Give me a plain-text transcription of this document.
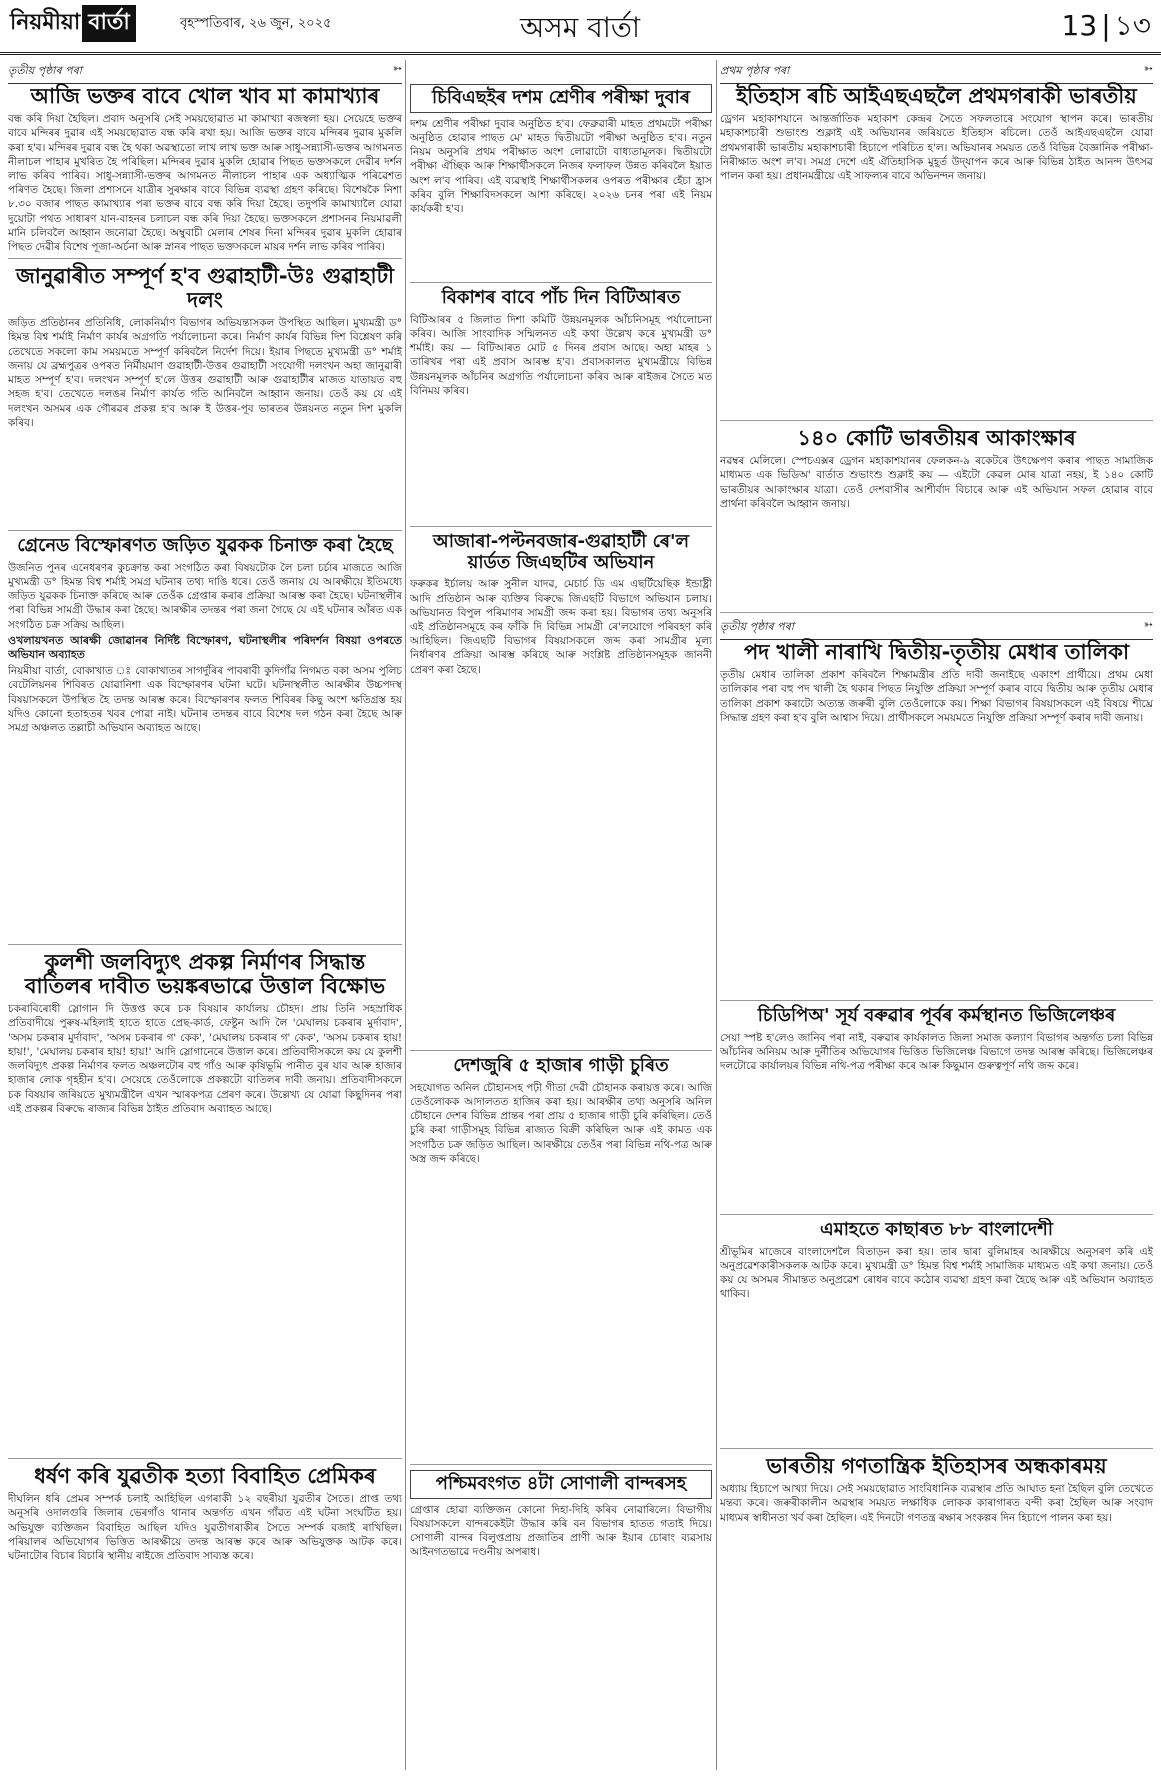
নিয়মীয়া বার্তা	বৃহস্পতিবাৰ, ২৬ জুন, ২০২৫	অসম বাৰ্তা	13 | ১৩
তৃতীয় পৃষ্ঠাৰ পৰা	➳
আজি ভক্তৰ বাবে খোল খাব মা কামাখ্যাৰ
বন্ধ কৰি দিয়া হৈছিল। প্ৰবাদ অনুসৰি সেই সময়ছোৱাত মা কামাখ্যা ৰজস্বলা হয়। সেয়েহে ভক্তৰ বাবে মন্দিৰৰ দুৱাৰ এই সময়ছোৱাত বন্ধ কৰি ৰখা হয়। আজি ভক্তৰ বাবে মন্দিৰৰ দুৱাৰ মুকলি কৰা হ'ব। মন্দিৰৰ দুৱাৰ বন্ধ হৈ থকা অৱস্থাতো লাখ লাখ ভক্ত আৰু সাধু-সন্ন্যাসী-ভক্তৰ আগমনত নীলাচল পাহাৰ মুখৰিত হৈ পৰিছিল। মন্দিৰৰ দুৱাৰ মুকলি হোৱাৰ পিছত ভক্তসকলে দেৱীৰ দৰ্শন লাভ কৰিব পাৰিব। সাধু-সন্ন্যাসী-ভক্তৰ আগমনত নীলাচল পাহাৰ এক অধ্যাত্মিক পৰিৱেশত পৰিণত হৈছে। জিলা প্ৰশাসনে যাত্ৰীৰ সুৰক্ষাৰ বাবে বিভিন্ন ব্যৱস্থা গ্ৰহণ কৰিছে। বিশেষকৈ নিশা ৮.৩০ বজাৰ পাছত কামাখ্যাৰ পৰা ভক্তৰ বাবে বন্ধ কৰি দিয়া হৈছে। তদুপৰি কামাখ্যালৈ যোৱা দুয়োটা পথত সাধাৰণ যান-বাহনৰ চলাচল বন্ধ কৰি দিয়া হৈছে। ভক্তসকলে প্ৰশাসনৰ নিয়মাৱলী মানি চলিবলৈ আহ্বান জনোৱা হৈছে। অম্বুবাচী মেলাৰ শেষৰ দিনা মন্দিৰৰ দুৱাৰ মুকলি হোৱাৰ পিছত দেৱীৰ বিশেষ পূজা-অৰ্চনা আৰু স্নানৰ পাছত ভক্তসকলে মায়ৰ দৰ্শন লাভ কৰিব পাৰিব।
জানুৱাৰীত সম্পূৰ্ণ হ'ব গুৱাহাটী-উঃ গুৱাহাটী দলং
জড়িত প্ৰতিষ্ঠানৰ প্ৰতিনিধি, লোকনিৰ্মাণ বিভাগৰ অভিযন্তাসকল উপস্থিত আছিল। মুখ্যমন্ত্ৰী ড° হিমন্ত বিশ্ব শৰ্মাই নিৰ্মাণ কাৰ্যৰ অগ্ৰগতি পৰ্যালোচনা কৰে। নিৰ্মাণ কাৰ্যৰ বিভিন্ন দিশ বিশ্লেষণ কৰি তেখেতে সকলো কাম সময়মতে সম্পূৰ্ণ কৰিবলৈ নিৰ্দেশ দিয়ে। ইয়াৰ পিছতে মুখ্যমন্ত্ৰী ড° শৰ্মাই জনায় যে ব্ৰহ্মপুত্ৰৰ ওপৰত নিৰ্মীয়মাণ গুৱাহাটী-উত্তৰ গুৱাহাটী সংযোগী দলংখন অহা জানুৱাৰী মাহত সম্পূৰ্ণ হ'ব। দলংখন সম্পূৰ্ণ হ'লে উত্তৰ গুৱাহাটী আৰু গুৱাহাটীৰ মাজত যাতায়ত বহু সহজ হ'ব। তেখেতে দলঙৰ নিৰ্মাণ কাৰ্যত গতি আনিবলৈ আহ্বান জনায়। তেওঁ কয় যে এই দলংখন অসমৰ এক গৌৰৱৰ প্ৰকল্প হ'ব আৰু ই উত্তৰ-পূব ভাৰতৰ উন্নয়নত নতুন দিশ মুকলি কৰিব।
গ্ৰেনেড বিস্ফোৰণত জড়িত যুৱকক চিনাক্ত কৰা হৈছে

উজনিত পুনৰ এনেধৰণৰ কুচক্ৰান্ত কৰা সংগঠিত কৰা বিষয়টোক লৈ চলা চৰ্চাৰ মাজতে আজি মুখ্যমন্ত্ৰী ড° হিমন্ত বিশ্ব শৰ্মাই সমগ্ৰ ঘটনাৰ তথ্য দাঙি ধৰে। তেওঁ জনায় যে আৰক্ষীয়ে ইতিমধ্যে জড়িত যুৱকক চিনাক্ত কৰিছে আৰু তেওঁক গ্ৰেপ্তাৰ কৰাৰ প্ৰক্ৰিয়া আৰম্ভ কৰা হৈছে। ঘটনাস্থলীৰ পৰা বিভিন্ন সামগ্ৰী উদ্ধাৰ কৰা হৈছে। আৰক্ষীৰ তদন্তৰ পৰা জনা গৈছে যে এই ঘটনাৰ আঁৰত এক সংগঠিত চক্ৰ সক্ৰিয় আছিল।

ওখলায়খনত আৰক্ষী জোৱানৰ নিৰ্দিষ্ট বিস্ফোৰণ, ঘটনাস্থলীৰ পৰিদৰ্শন বিষয়া ওপৰতে অভিযান অব্যাহত

নিয়মীয়া বাৰ্তা, বোকাখাত ঃ বোকাখাতৰ সাগৰ্দুৰিৰ পাবৰাবী কুদিগাঁৱ নিগমত বকা অসম পুলিচ বেটেলিয়নৰ শিবিৰত যোৱানিশা এক বিস্ফোৰণৰ ঘটনা ঘটে। ঘটনাস্থলীত আৰক্ষীৰ উচ্চপদস্থ বিষয়াসকলে উপস্থিত হৈ তদন্ত আৰম্ভ কৰে। বিস্ফোৰণৰ ফলত শিবিৰৰ কিছু অংশ ক্ষতিগ্ৰস্ত হয় যদিও কোনো হতাহতৰ খবৰ পোৱা নাই। ঘটনাৰ তদন্তৰ বাবে বিশেষ দল গঠন কৰা হৈছে আৰু সমগ্ৰ অঞ্চলত তল্লাচী অভিযান অব্যাহত আছে।

কুলশী জলবিদ্যুৎ প্ৰকল্প নিৰ্মাণৰ সিদ্ধান্ত বাতিলৰ দাবীত ভয়ঙ্কৰভাৱে উত্তাল বিক্ষোভ
চকৰাবিৰোধী স্লোগান দি উত্তপ্ত কৰে চক বিষয়াৰ কাৰ্যালয় চৌহদ। প্ৰায় তিনি সহস্ৰাধিক প্ৰতিবাদীয়ে পুৰুষ-মহিলাই হাতে হাতে প্ৰেছ-কাৰ্ড, ফেষ্টুন আদি লৈ 'মেঘালয় চকৰাৰ মুৰ্দাবাদ', 'অসম চকৰাৰ মুৰ্দাবাদ', 'অসম চকৰাৰ গ' কেক', 'মেঘালয় চকৰাৰ গ' কেক', 'অসম চকৰাৰ হায়! হায়!', 'মেঘালয় চকৰাৰ হায়! হায়!' আদি স্লোগানেৰে উত্তাল কৰে। প্ৰতিবাদীসকলে কয় যে কুলশী জলবিদ্যুৎ প্ৰকল্প নিৰ্মাণৰ ফলত অঞ্চলটোৰ বহু গাঁও আৰু কৃষিভূমি পানীত বুৰ যাব আৰু হাজাৰ হাজাৰ লোক গৃহহীন হ'ব। সেয়েহে তেওঁলোকে প্ৰকল্পটো বাতিলৰ দাবী জনায়। প্ৰতিবাদীসকলে চক বিষয়াৰ জৰিয়তে মুখ্যমন্ত্ৰীলৈ এখন স্মাৰকপত্ৰ প্ৰেৰণ কৰে। উল্লেখ্য যে যোৱা কিছুদিনৰ পৰা এই প্ৰকল্পৰ বিৰুদ্ধে ৰাজ্যৰ বিভিন্ন ঠাইত প্ৰতিবাদ অব্যাহত আছে।
ধৰ্ষণ কৰি যুৱতীক হত্যা বিবাহিত প্ৰেমিকৰ
দীঘলিন ধৰি প্ৰেমৰ সম্পৰ্ক চলাই আহিছিল এগৰাকী ১২ বছৰীয়া যুৱতীৰ সৈতে। প্ৰাপ্ত তথ্য অনুসৰি ওদালগুৰি জিলাৰ ভেৰগাঁও থানাৰ অন্তৰ্গত এখন গাঁৱত এই ঘটনা সংঘটিত হয়। অভিযুক্ত ব্যক্তিজন বিবাহিত আছিল যদিও যুৱতীগৰাকীৰ সৈতে সম্পৰ্ক বজাই ৰাখিছিল। পৰিয়ালৰ অভিযোগৰ ভিত্তিত আৰক্ষীয়ে তদন্ত আৰম্ভ কৰে আৰু অভিযুক্তক আটক কৰে। ঘটনাটোৰ বিচাৰ বিচাৰি স্থানীয় ৰাইজে প্ৰতিবাদ সাব্যস্ত কৰে।
চিবিএছইৰ দশম শ্ৰেণীৰ পৰীক্ষা দুবাৰ
দশম শ্ৰেণীৰ পৰীক্ষা দুবাৰ অনুষ্ঠিত হ'ব। ফেব্ৰুৱাৰী মাহত প্ৰথমটো পৰীক্ষা অনুষ্ঠিত হোৱাৰ পাছত মে' মাহত দ্বিতীয়টো পৰীক্ষা অনুষ্ঠিত হ'ব। নতুন নিয়ম অনুসৰি প্ৰথম পৰীক্ষাত অংশ লোৱাটো বাধ্যতামূলক। দ্বিতীয়টো পৰীক্ষা ঐচ্ছিক আৰু শিক্ষাৰ্থীসকলে নিজৰ ফলাফল উন্নত কৰিবলৈ ইয়াত অংশ ল'ব পাৰিব। এই ব্যৱস্থাই শিক্ষাৰ্থীসকলৰ ওপৰত পৰীক্ষাৰ হেঁচা হ্ৰাস কৰিব বুলি শিক্ষাবিদসকলে আশা কৰিছে। ২০২৬ চনৰ পৰা এই নিয়ম কাৰ্যকৰী হ'ব।
বিকাশৰ বাবে পাঁচ দিন বিটিআৰত
বিটিআৰৰ ৫ জিলাত দিশা কমিটি উন্নয়নমূলক আঁচনিসমূহ পৰ্যালোচনা কৰিব। আজি সাংবাদিক সন্মিলনত এই কথা উল্লেখ কৰে মুখ্যমন্ত্ৰী ড° শৰ্মাই। কয় — বিটিআৰত মোট ৫ দিনৰ প্ৰবাস আছে। অহা মাহৰ ১ তাৰিখৰ পৰা এই প্ৰবাস আৰম্ভ হ'ব। প্ৰবাসকালত মুখ্যমন্ত্ৰীয়ে বিভিন্ন উন্নয়নমূলক আঁচনিৰ অগ্ৰগতি পৰ্যালোচনা কৰিব আৰু ৰাইজৰ সৈতে মত বিনিময় কৰিব।
আজাৰা-পল্টনবজাৰ-গুৱাহাটী ৰে'ল য়াৰ্ডত জিএছটিৰ অভিযান
ফৰুকৰ ইৰ্চালয় আৰু সুনীল যাদৱ, মেচাৰ্চ ডি এম এছৰ্টিয়েছিক ইন্ডাষ্ট্ৰী আদি প্ৰতিষ্ঠান আৰু ব্যক্তিৰ বিৰুদ্ধে জিএছটি বিভাগে অভিযান চলায়। অভিযানত বিপুল পৰিমাণৰ সামগ্ৰী জব্দ কৰা হয়। বিভাগৰ তথ্য অনুসৰি এই প্ৰতিষ্ঠানসমূহে কৰ ফাঁকি দি বিভিন্ন সামগ্ৰী ৰে'লযোগে পৰিবহণ কৰি আহিছিল। জিএছটি বিভাগৰ বিষয়াসকলে জব্দ কৰা সামগ্ৰীৰ মূল্য নিৰ্ধাৰণৰ প্ৰক্ৰিয়া আৰম্ভ কৰিছে আৰু সংশ্লিষ্ট প্ৰতিষ্ঠানসমূহক জাননী প্ৰেৰণ কৰা হৈছে।
দেশজুৰি ৫ হাজাৰ গাড়ী চুৰিত
সহযোগত অনিল চৌহানসহ পঢ়ী গীতা দেৱী চৌহানক কৰায়ত্ত কৰে। আজি তেওঁলোকক আদালতত হাজিৰ কৰা হয়। আৰক্ষীৰ তথ্য অনুসৰি অনিল চৌহানে দেশৰ বিভিন্ন প্ৰান্তৰ পৰা প্ৰায় ৫ হাজাৰ গাড়ী চুৰি কৰিছিল। তেওঁ চুৰি কৰা গাড়ীসমূহ বিভিন্ন ৰাজ্যত বিক্ৰী কৰিছিল আৰু এই কামত এক সংগঠিত চক্ৰ জড়িত আছিল। আৰক্ষীয়ে তেওঁৰ পৰা বিভিন্ন নথি-পত্ৰ আৰু অস্ত্ৰ জব্দ কৰিছে।
পশ্চিমবংগত ৪টা সোণালী বান্দৰসহ
গ্ৰেপ্তাৰ হোৱা ব্যক্তিজন কোনো দিহা-দিহি কৰিব নোৱাৰিলে। বিভাগীয় বিষয়াসকলে বান্দৰকেইটা উদ্ধাৰ কৰি বন বিভাগৰ হাতত গতাই দিয়ে। সোণালী বান্দৰ বিলুপ্তপ্ৰায় প্ৰজাতিৰ প্ৰাণী আৰু ইয়াৰ চোৰাং ব্যৱসায় আইনগতভাৱে দণ্ডনীয় অপৰাধ।
প্ৰথম পৃষ্ঠাৰ পৰা	➳
ইতিহাস ৰচি আইএছএছলৈ প্ৰথমগৰাকী ভাৰতীয়
ড্ৰেগন মহাকাশযানে আন্তৰ্জাতিক মহাকাশ কেন্দ্ৰৰ সৈতে সফলতাৰে সংযোগ স্থাপন কৰে। ভাৰতীয় মহাকাশচাৰী শুভাংশু শুক্লাই এই অভিযানৰ জৰিয়তে ইতিহাস ৰচিলে। তেওঁ আইএছএছলৈ যোৱা প্ৰথমগৰাকী ভাৰতীয় মহাকাশচাৰী হিচাপে পৰিচিত হ'ল। অভিযানৰ সময়ত তেওঁ বিভিন্ন বৈজ্ঞানিক পৰীক্ষা-নিৰীক্ষাত অংশ ল'ব। সমগ্ৰ দেশে এই ঐতিহাসিক মুহূৰ্ত উদ্‌যাপন কৰে আৰু বিভিন্ন ঠাইত আনন্দ উৎসৱ পালন কৰা হয়। প্ৰধানমন্ত্ৰীয়ে এই সাফল্যৰ বাবে অভিনন্দন জনায়।
১৪০ কোটি ভাৰতীয়ৰ আকাংক্ষাৰ
নৱম্বৰ মেলিলে। স্পেচএক্সৰ ড্ৰেগন মহাকাশযানৰ ফেলকন-৯ ৰকেটৰে উৎক্ষেপণ কৰাৰ পাছত সামাজিক মাধ্যমত এক ভিডিঅ' বাৰ্তাত শুভাংশু শুক্লাই কয় — এইটো কেৱল মোৰ যাত্ৰা নহয়, ই ১৪০ কোটি ভাৰতীয়ৰ আকাংক্ষাৰ যাত্ৰা। তেওঁ দেশবাসীৰ আশীৰ্বাদ বিচাৰে আৰু এই অভিযান সফল হোৱাৰ বাবে প্ৰাৰ্থনা কৰিবলৈ আহ্বান জনায়।
তৃতীয় পৃষ্ঠাৰ পৰা	➳
পদ খালী নাৰাখি দ্বিতীয়-তৃতীয় মেধাৰ তালিকা
তৃতীয় মেধাৰ তালিকা প্ৰকাশ কৰিবলৈ শিক্ষামন্ত্ৰীৰ প্ৰতি দাবী জনাইছে একাংশ প্ৰাৰ্থীয়ে। প্ৰথম মেধা তালিকাৰ পৰা বহু পদ খালী হৈ থকাৰ পিছত নিযুক্তি প্ৰক্ৰিয়া সম্পূৰ্ণ কৰাৰ বাবে দ্বিতীয় আৰু তৃতীয় মেধাৰ তালিকা প্ৰকাশ কৰাটো অত্যন্ত জৰুৰী বুলি তেওঁলোকে কয়। শিক্ষা বিভাগৰ বিষয়াসকলে এই বিষয়ে শীঘ্ৰে সিদ্ধান্ত গ্ৰহণ কৰা হ'ব বুলি আশ্বাস দিয়ে। প্ৰাৰ্থীসকলে সময়মতে নিযুক্তি প্ৰক্ৰিয়া সম্পূৰ্ণ কৰাৰ দাবী জনায়।
চিডিপিঅ' সূৰ্য বৰুৱাৰ পূৰ্বৰ কৰ্মস্থানত ভিজিলেঞ্চৰ
সেয়া স্পষ্ট হ'লেও জানিব পৰা নাই, বৰুৱাৰ কাৰ্যকালত জিলা সমাজ কল্যাণ বিভাগৰ অন্তৰ্গত চলা বিভিন্ন আঁচনিৰ অনিয়ম আৰু দুৰ্নীতিৰ অভিযোগৰ ভিত্তিত ভিজিলেঞ্চ বিভাগে তদন্ত আৰম্ভ কৰিছে। ভিজিলেঞ্চৰ দলটোৱে কাৰ্যালয়ৰ বিভিন্ন নথি-পত্ৰ পৰীক্ষা কৰে আৰু কিছুমান গুৰুত্বপূৰ্ণ নথি জব্দ কৰে।
এমাহতে কাছাৰত ৮৮ বাংলাদেশী
শ্ৰীভূমিৰ মাজেৰে বাংলাদেশলৈ বিতাড়ন কৰা হয়। তাৰ দ্বাৰা বুলিমাহৰ আৰক্ষীয়ে অনুসৰণ কৰি এই অনুপ্ৰৱেশকাৰীসকলক আটক কৰে। মুখ্যমন্ত্ৰী ড° হিমন্ত বিশ্ব শৰ্মাই সামাজিক মাধ্যমত এই কথা জনায়। তেওঁ কয় যে অসমৰ সীমান্তত অনুপ্ৰৱেশ ৰোধৰ বাবে কঠোৰ ব্যৱস্থা গ্ৰহণ কৰা হৈছে আৰু এই অভিযান অব্যাহত থাকিব।
ভাৰতীয় গণতান্ত্ৰিক ইতিহাসৰ অন্ধকাৰময়
অধ্যায় হিচাপে আখ্যা দিয়ে। সেই সময়ছোৱাত সাংবিধানিক ব্যৱস্থাৰ প্ৰতি আঘাত হনা হৈছিল বুলি তেখেতে মন্তব্য কৰে। জৰুৰীকালীন অৱস্থাৰ সময়ত লক্ষাধিক লোকক কাৰাগাৰত বন্দী কৰা হৈছিল আৰু সংবাদ মাধ্যমৰ স্বাধীনতা খৰ্ব কৰা হৈছিল। এই দিনটো গণতন্ত্ৰ ৰক্ষাৰ সংকল্পৰ দিন হিচাপে পালন কৰা হয়।
